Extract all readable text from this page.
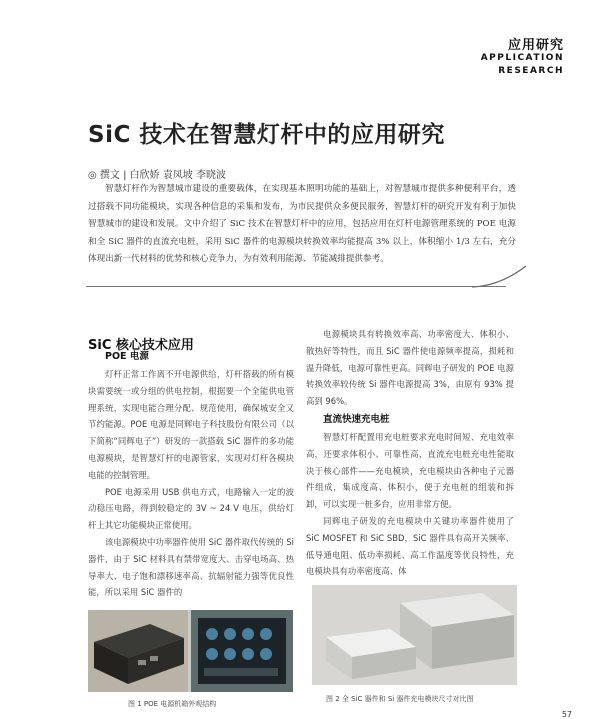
应用研究
APPLICATION
RESEARCH
SiC 技术在智慧灯杆中的应用研究
◎ 撰文 | 白欣娇 袁凤坡 李晓波

智慧灯杆作为智慧城市建设的重要载体，在实现基本照明功能的基础上，对智慧城市提供多种便利平台，透过搭载不同功能模块，实现各种信息的采集和发布，为市民提供众多便民服务，智慧灯杆的研究开发有利于加快智慧城市的建设和发展。文中介绍了 SiC 技术在智慧灯杆中的应用，包括应用在灯杆电源管理系统的 POE 电源和全 SiC 器件的直流充电桩，采用 SiC 器件的电源模块转换效率均能提高 3% 以上，体积缩小 1/3 左右，充分体现出新一代材料的优势和核心竞争力，为有效利用能源、节能减排提供参考。

SiC 核心技术应用
POE 电源

灯杆正常工作离不开电源供给，灯杆搭载的所有模块需要统一或分组的供电控制，根据要一个全能供电管理系统，实现电能合理分配、规范使用，确保城安全又节约能源。POE 电源是同辉电子科技股份有限公司（以下简称“同辉电子”）研发的一款搭载 SiC 器件的多功能电源模块，是智慧灯杆的电源管家，实现对灯杆各模块电能的控制管理。

POE 电源采用 USB 供电方式，电路输入一定的波动稳压电路，得到较稳定的 3V ~ 24 V 电压，供给灯杆上其它功能模块正常使用。

该电源模块中功率器件使用 SiC 器件取代传统的 Si 器件，由于 SiC 材料具有禁带宽度大、击穿电场高、热导率大、电子饱和漂移速率高、抗辐射能力强等优良性能，所以采用 SiC 器件的

电源模块具有转换效率高、功率密度大、体积小、散热好等特性，而且 SiC 器件使电源频率提高，损耗和温升降低，电源可靠性更高。同辉电子研发的 POE 电源转换效率较传统 Si 器件电源提高 3%，由原有 93% 提高到 96%。

直流快速充电桩

智慧灯杆配置用充电桩要求充电时间短、充电效率高，还要求体积小、可靠性高，直流充电桩充电性能取决于核心部件——充电模块，充电模块由各种电子元器件组成，集成度高、体积小，便于充电桩的组装和拆卸，可以实现一桩多台，应用非常方便。

同辉电子研发的充电模块中关键功率器件使用了 SiC MOSFET 和 SiC SBD，SiC 器件具有高开关频率、低导通电阻、低功率损耗、高工作温度等优良特性，充电模块具有功率密度高、体

图 1 POE 电源机箱外观结构
图 2 全 SiC 器件和 Si 器件充电模块尺寸对比图
57
